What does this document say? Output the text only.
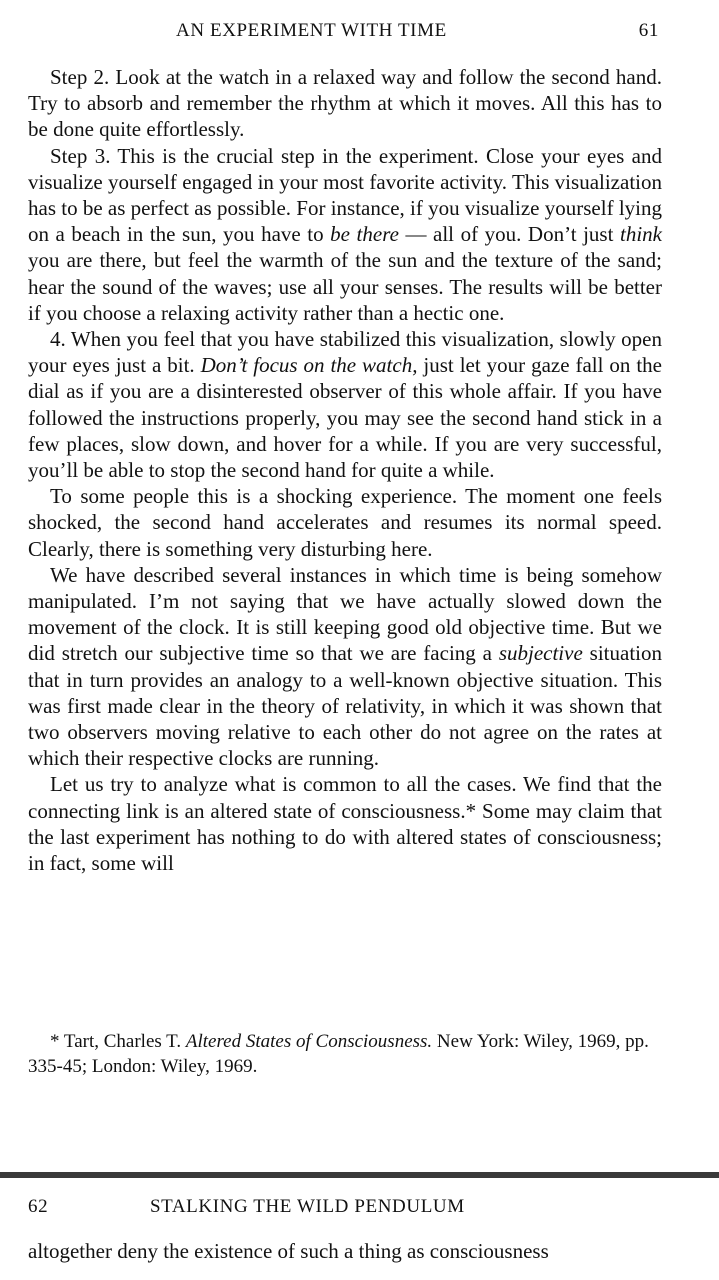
AN EXPERIMENT WITH TIME	61

Step 2. Look at the watch in a relaxed way and follow the second hand. Try to absorb and remember the rhythm at which it moves. All this has to be done quite effortlessly.

Step 3. This is the crucial step in the experiment. Close your eyes and visualize yourself engaged in your most favorite activity. This visualization has to be as perfect as possible. For instance, if you visualize yourself lying on a beach in the sun, you have to be there — all of you. Don’t just think you are there, but feel the warmth of the sun and the texture of the sand; hear the sound of the waves; use all your senses. The results will be better if you choose a relaxing activity rather than a hectic one.

4. When you feel that you have stabilized this visualization, slowly open your eyes just a bit. Don’t focus on the watch, just let your gaze fall on the dial as if you are a disinterested observer of this whole affair. If you have followed the instructions properly, you may see the second hand stick in a few places, slow down, and hover for a while. If you are very successful, you’ll be able to stop the second hand for quite a while.

To some people this is a shocking experience. The moment one feels shocked, the second hand accelerates and resumes its normal speed. Clearly, there is something very disturbing here.

We have described several instances in which time is being somehow manipulated. I’m not saying that we have actually slowed down the movement of the clock. It is still keeping good old objective time. But we did stretch our subjective time so that we are facing a subjective situation that in turn provides an analogy to a well-known objective situation. This was first made clear in the theory of relativity, in which it was shown that two observers moving relative to each other do not agree on the rates at which their respective clocks are running.

Let us try to analyze what is common to all the cases. We find that the connecting link is an altered state of consciousness.* Some may claim that the last experiment has nothing to do with altered states of consciousness; in fact, some will

* Tart, Charles T. Altered States of Consciousness. New York: Wiley, 1969, pp. 335-45; London: Wiley, 1969.

62	STALKING THE WILD PENDULUM
altogether deny the existence of such a thing as consciousness
